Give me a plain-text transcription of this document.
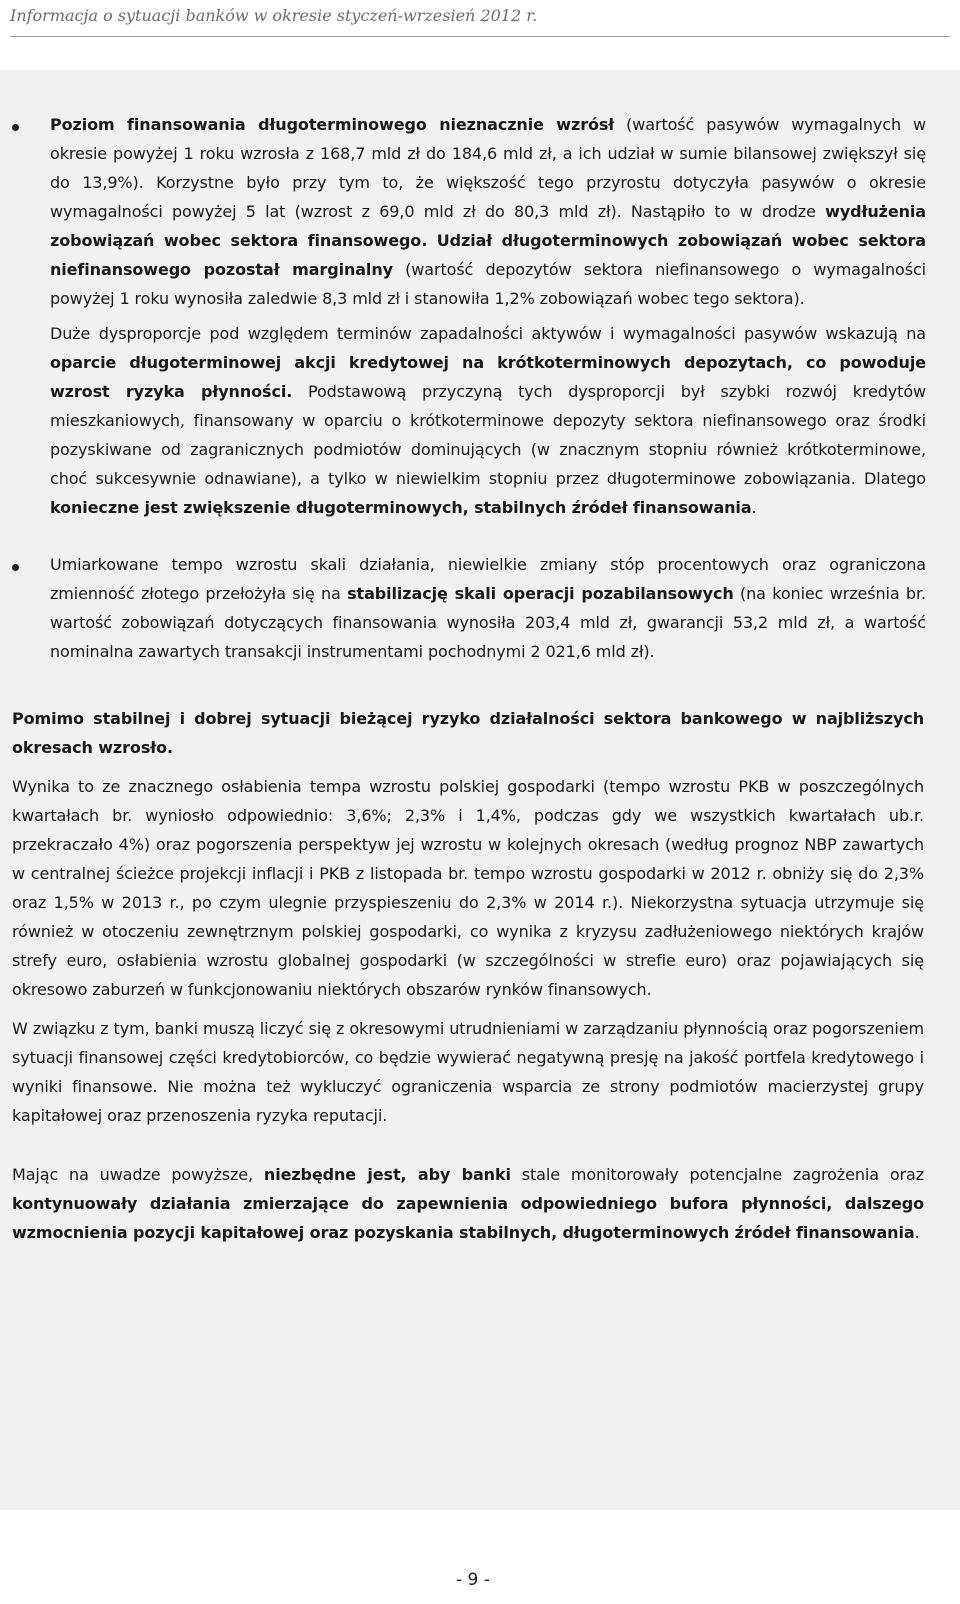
Informacja o sytuacji banków w okresie styczeń-wrzesień 2012 r.

Poziom finansowania długoterminowego nieznacznie wzrósł (wartość pasywów wymagalnych w okresie powyżej 1 roku wzrosła z 168,7 mld zł do 184,6 mld zł, a ich udział w sumie bilansowej zwiększył się do 13,9%). Korzystne było przy tym to, że większość tego przyrostu dotyczyła pasywów o okresie wymagalności powyżej 5 lat (wzrost z 69,0 mld zł do 80,3 mld zł). Nastąpiło to w drodze wydłużenia zobowiązań wobec sektora finansowego. Udział długoterminowych zobowiązań wobec sektora niefinansowego pozostał marginalny (wartość depozytów sektora niefinansowego o wymagalności powyżej 1 roku wynosiła zaledwie 8,3 mld zł i stanowiła 1,2% zobowiązań wobec tego sektora).

Duże dysproporcje pod względem terminów zapadalności aktywów i wymagalności pasywów wskazują na oparcie długoterminowej akcji kredytowej na krótkoterminowych depozytach, co powoduje wzrost ryzyka płynności. Podstawową przyczyną tych dysproporcji był szybki rozwój kredytów mieszkaniowych, finansowany w oparciu o krótkoterminowe depozyty sektora niefinansowego oraz środki pozyskiwane od zagranicznych podmiotów dominujących (w znacznym stopniu również krótkoterminowe, choć sukcesywnie odnawiane), a tylko w niewielkim stopniu przez długoterminowe zobowiązania. Dlatego konieczne jest zwiększenie długoterminowych, stabilnych źródeł finansowania.

Umiarkowane tempo wzrostu skali działania, niewielkie zmiany stóp procentowych oraz ograniczona zmienność złotego przełożyła się na stabilizację skali operacji pozabilansowych (na koniec września br. wartość zobowiązań dotyczących finansowania wynosiła 203,4 mld zł, gwarancji 53,2 mld zł, a wartość nominalna zawartych transakcji instrumentami pochodnymi 2 021,6 mld zł).

Pomimo stabilnej i dobrej sytuacji bieżącej ryzyko działalności sektora bankowego w najbliższych okresach wzrosło.

Wynika to ze znacznego osłabienia tempa wzrostu polskiej gospodarki (tempo wzrostu PKB w poszczególnych kwartałach br. wyniosło odpowiednio: 3,6%; 2,3% i 1,4%, podczas gdy we wszystkich kwartałach ub.r. przekraczało 4%) oraz pogorszenia perspektyw jej wzrostu w kolejnych okresach (według prognoz NBP zawartych w centralnej ścieżce projekcji inflacji i PKB z listopada br. tempo wzrostu gospodarki w 2012 r. obniży się do 2,3% oraz 1,5% w 2013 r., po czym ulegnie przyspieszeniu do 2,3% w 2014 r.). Niekorzystna sytuacja utrzymuje się również w otoczeniu zewnętrznym polskiej gospodarki, co wynika z kryzysu zadłużeniowego niektórych krajów strefy euro, osłabienia wzrostu globalnej gospodarki (w szczególności w strefie euro) oraz pojawiających się okresowo zaburzeń w funkcjonowaniu niektórych obszarów rynków finansowych.

W związku z tym, banki muszą liczyć się z okresowymi utrudnieniami w zarządzaniu płynnością oraz pogorszeniem sytuacji finansowej części kredytobiorców, co będzie wywierać negatywną presję na jakość portfela kredytowego i wyniki finansowe. Nie można też wykluczyć ograniczenia wsparcia ze strony podmiotów macierzystej grupy kapitałowej oraz przenoszenia ryzyka reputacji.

Mając na uwadze powyższe, niezbędne jest, aby banki stale monitorowały potencjalne zagrożenia oraz kontynuowały działania zmierzające do zapewnienia odpowiedniego bufora płynności, dalszego wzmocnienia pozycji kapitałowej oraz pozyskania stabilnych, długoterminowych źródeł finansowania.

- 9 -
